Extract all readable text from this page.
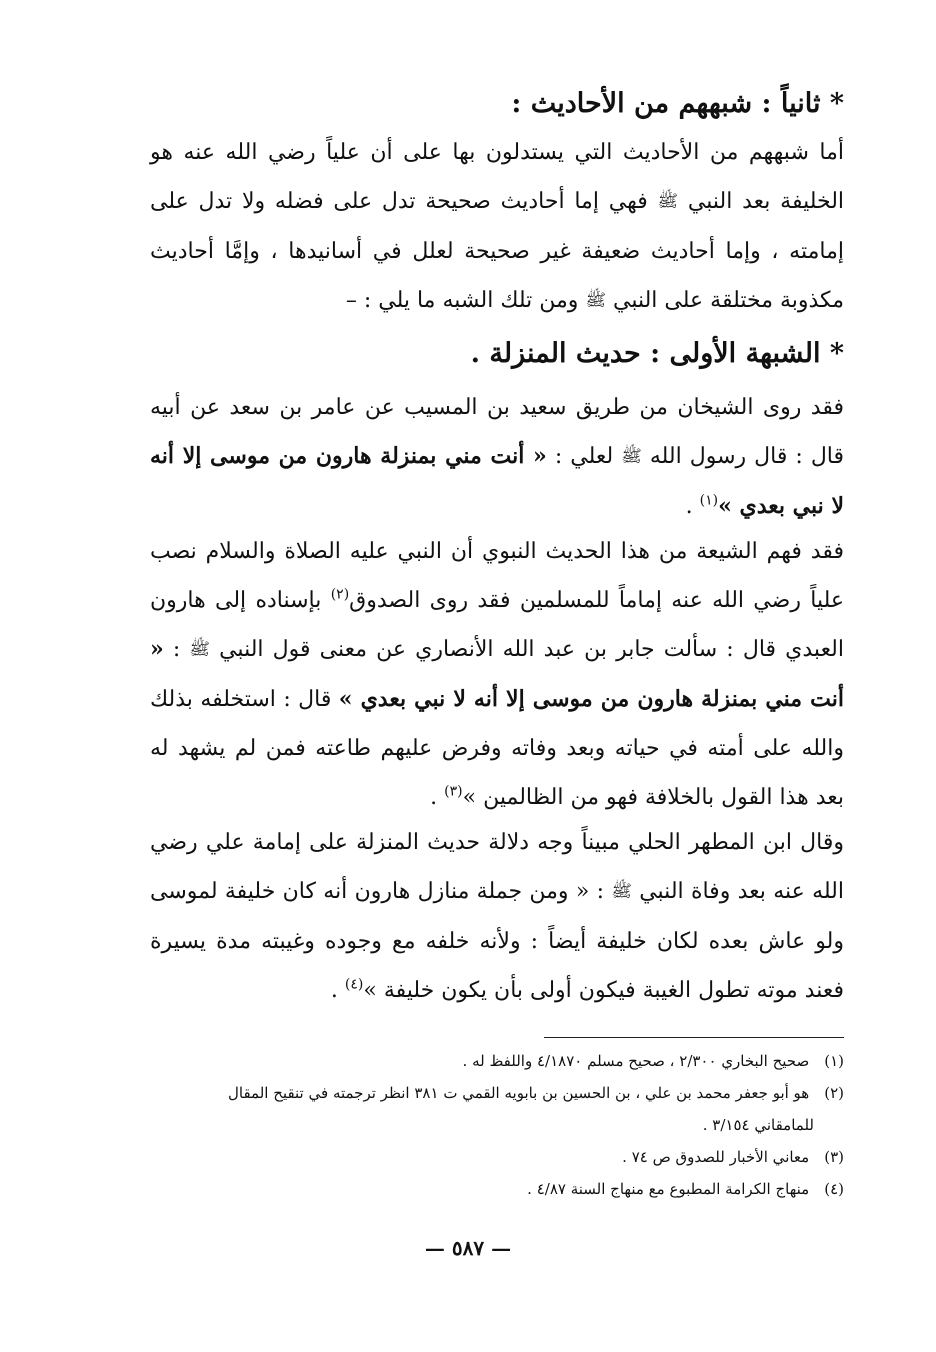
* ثانياً : شبههم من الأحاديث :

أما شبههم من الأحاديث التي يستدلون بها على أن علياً رضي الله عنه هو الخليفة بعد النبي ﷺ فهي إما أحاديث صحيحة تدل على فضله ولا تدل على إمامته ، وإما أحاديث ضعيفة غير صحيحة لعلل في أسانيدها ، وإمَّا أحاديث مكذوبة مختلقة على النبي ﷺ ومن تلك الشبه ما يلي : –

* الشبهة الأولى : حديث المنزلة .

فقد روى الشيخان من طريق سعيد بن المسيب عن عامر بن سعد عن أبيه قال : قال رسول الله ﷺ لعلي : « أنت مني بمنزلة هارون من موسى إلا أنه لا نبي بعدي »$^{(١)}$ .

فقد فهم الشيعة من هذا الحديث النبوي أن النبي عليه الصلاة والسلام نصب علياً رضي الله عنه إماماً للمسلمين فقد روى الصدوق$^{(٢)}$ بإسناده إلى هارون العبدي قال : سألت جابر بن عبد الله الأنصاري عن معنى قول النبي ﷺ : « أنت مني بمنزلة هارون من موسى إلا أنه لا نبي بعدي » قال : استخلفه بذلك والله على أمته في حياته وبعد وفاته وفرض عليهم طاعته فمن لم يشهد له بعد هذا القول بالخلافة فهو من الظالمين »$^{(٣)}$ .

وقال ابن المطهر الحلي مبيناً وجه دلالة حديث المنزلة على إمامة علي رضي الله عنه بعد وفاة النبي ﷺ : « ومن جملة منازل هارون أنه كان خليفة لموسى ولو عاش بعده لكان خليفة أيضاً : ولأنه خلفه مع وجوده وغيبته مدة يسيرة فعند موته تطول الغيبة فيكون أولى بأن يكون خليفة »$^{(٤)}$ .

(١) صحيح البخاري ٢/٣٠٠ ، صحيح مسلم ٤/١٨٧٠ واللفظ له .

(٢) هو أبو جعفر محمد بن علي ، بن الحسين بن بابويه القمي ت ٣٨١ انظر ترجمته في تنقيح المقال

للمامقاني ٣/١٥٤ .

(٣) معاني الأخبار للصدوق ص ٧٤ .

(٤) منهاج الكرامة المطبوع مع منهاج السنة ٤/٨٧ .

— ٥٨٧ —
